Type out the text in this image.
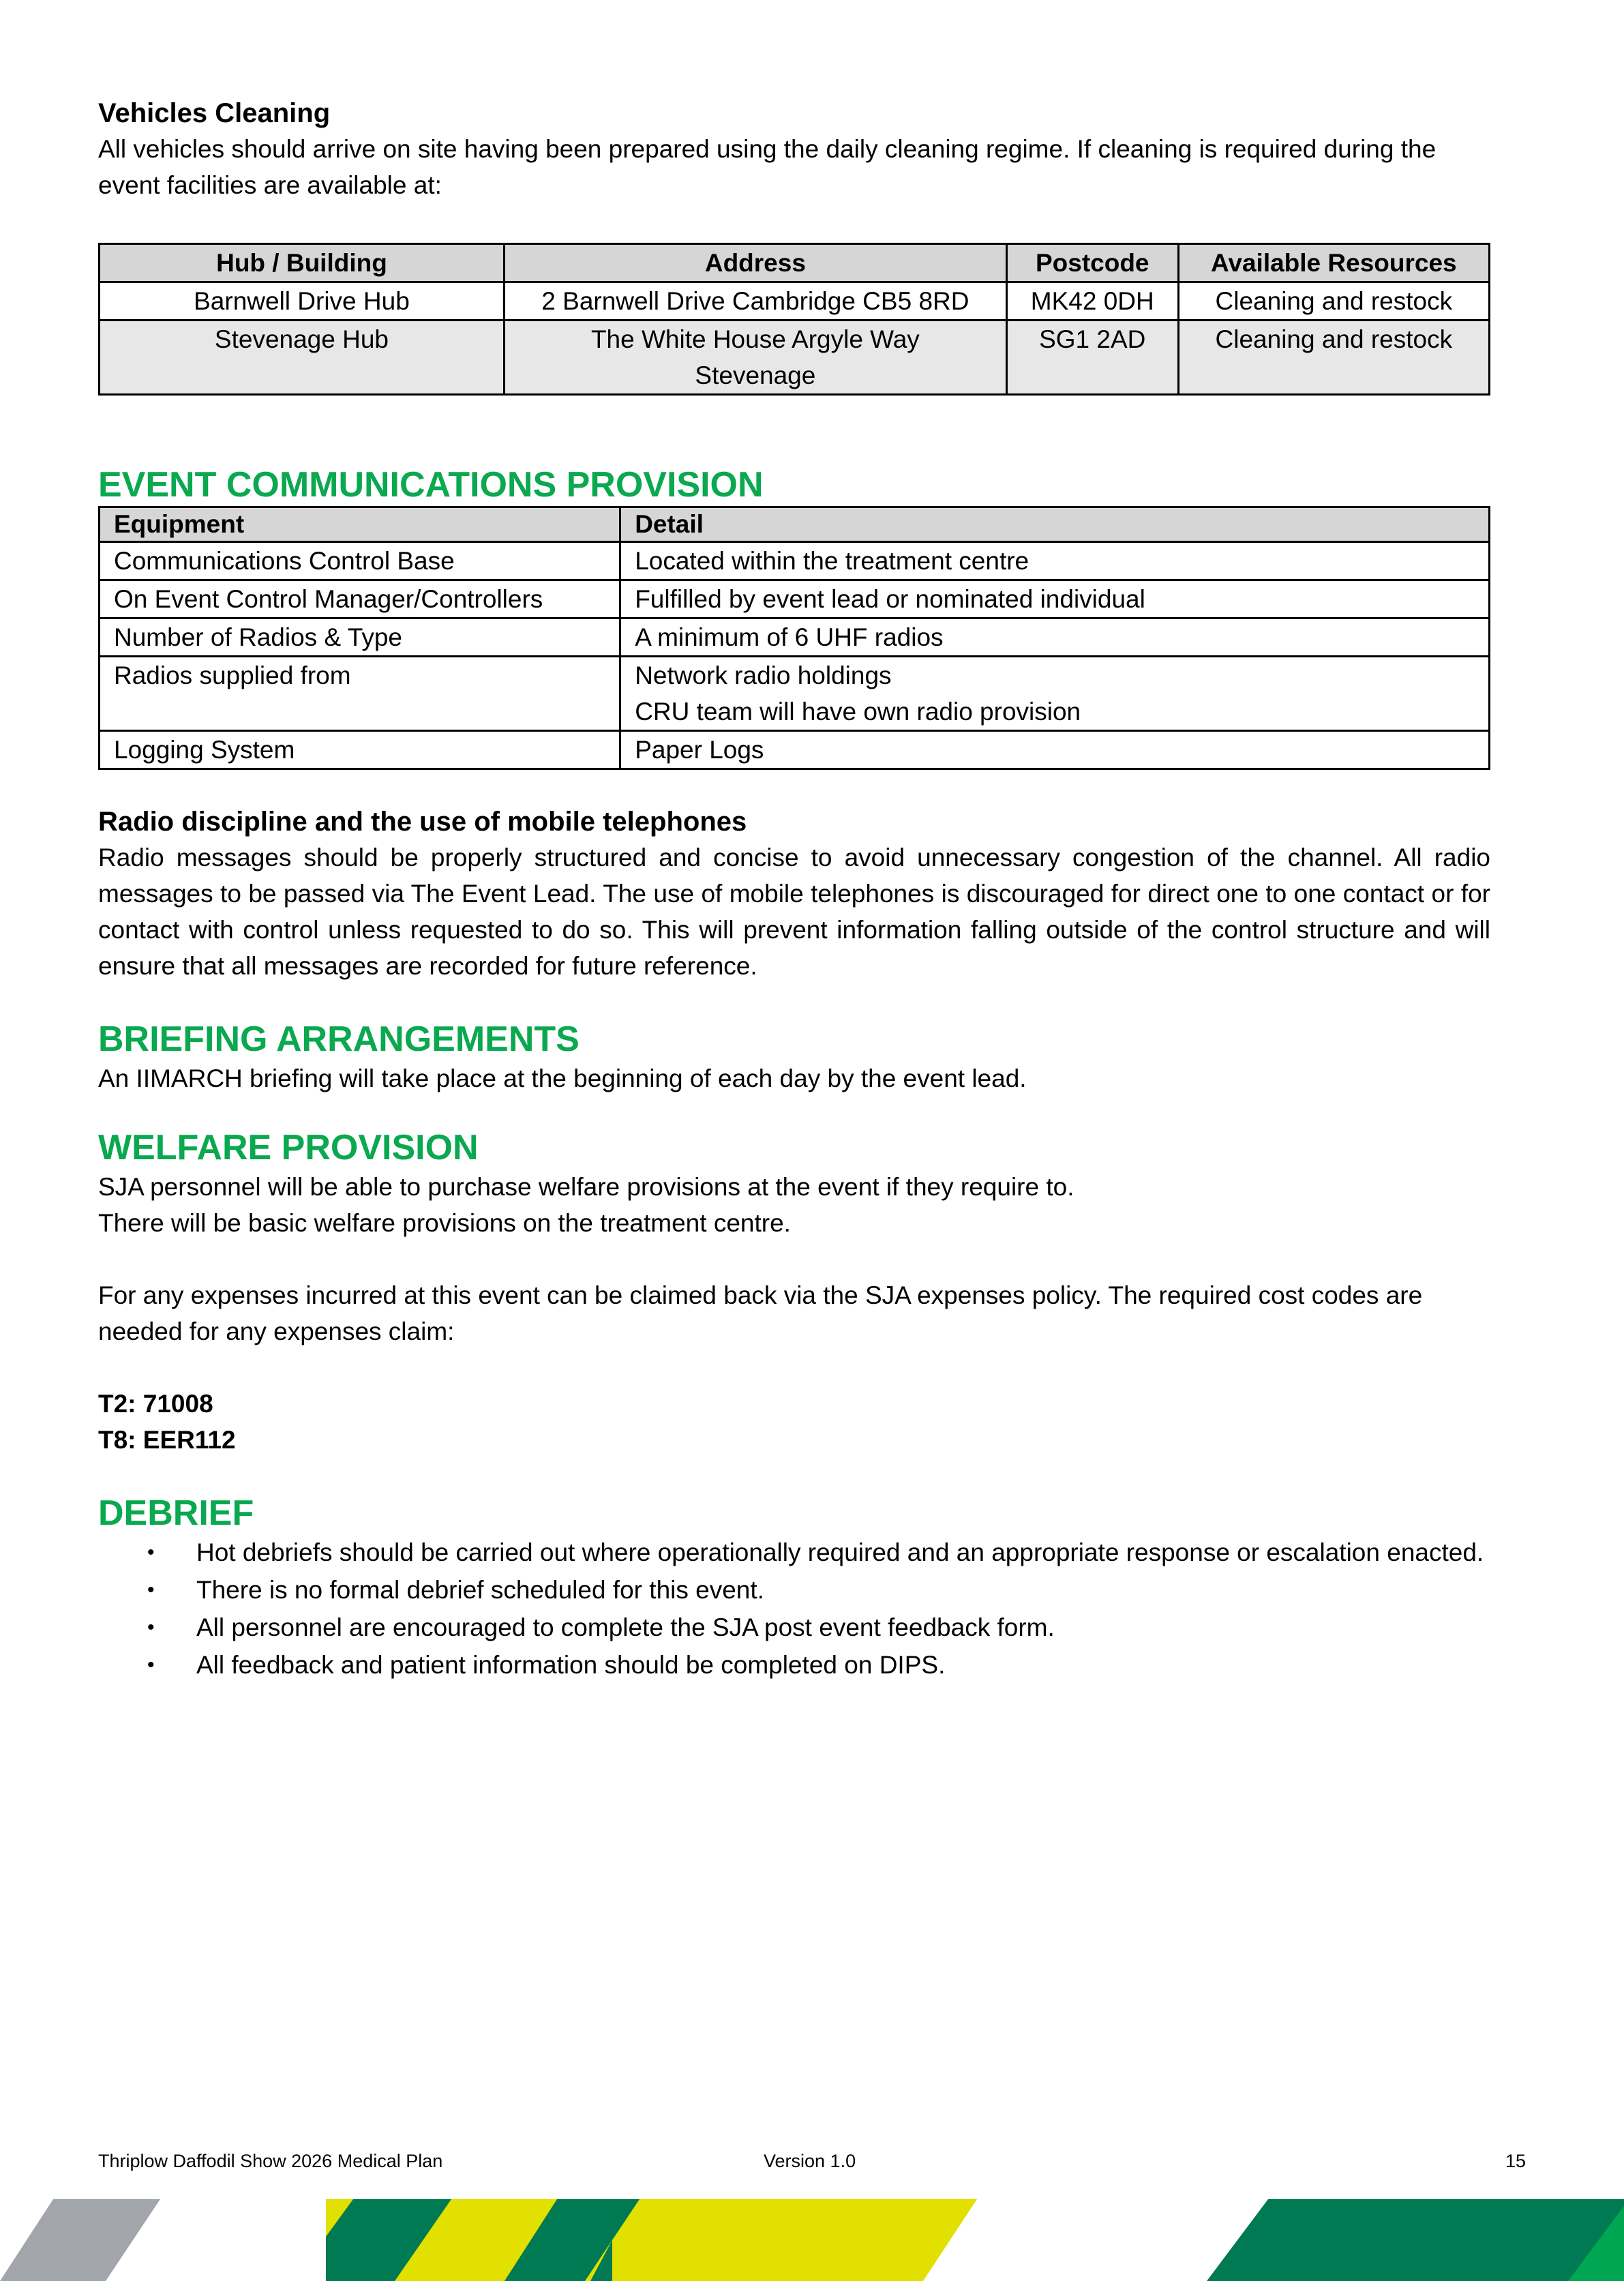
Vehicles Cleaning

All vehicles should arrive on site having been prepared using the daily cleaning regime. If cleaning is required during the event facilities are available at:

Hub / Building	Address	Postcode	Available Resources
Barnwell Drive Hub	2 Barnwell Drive Cambridge CB5 8RD	MK42 0DH	Cleaning and restock
Stevenage Hub	The White House Argyle Way Stevenage	SG1 2AD	Cleaning and restock
EVENT COMMUNICATIONS PROVISION
Equipment	Detail
Communications Control Base	Located within the treatment centre
On Event Control Manager/Controllers	Fulfilled by event lead or nominated individual
Number of Radios & Type	A minimum of 6 UHF radios
Radios supplied from	Network radio holdings
CRU team will have own radio provision

Logging System	Paper Logs

Radio discipline and the use of mobile telephones

Radio messages should be properly structured and concise to avoid unnecessary congestion of the channel. All radio messages to be passed via The Event Lead. The use of mobile telephones is discouraged for direct one to one contact or for contact with control unless requested to do so. This will prevent information falling outside of the control structure and will ensure that all messages are recorded for future reference.

BRIEFING ARRANGEMENTS

An IIMARCH briefing will take place at the beginning of each day by the event lead.

WELFARE PROVISION

SJA personnel will be able to purchase welfare provisions at the event if they require to.

There will be basic welfare provisions on the treatment centre.

For any expenses incurred at this event can be claimed back via the SJA expenses policy. The required cost codes are needed for any expenses claim:

T2: 71008

T8: EER112

DEBRIEF
• Hot debriefs should be carried out where operationally required and an appropriate response or escalation enacted.
• There is no formal debrief scheduled for this event.
• All personnel are encouraged to complete the SJA post event feedback form.
• All feedback and patient information should be completed on DIPS.
Thriplow Daffodil Show 2026 Medical Plan	Version 1.0	15
